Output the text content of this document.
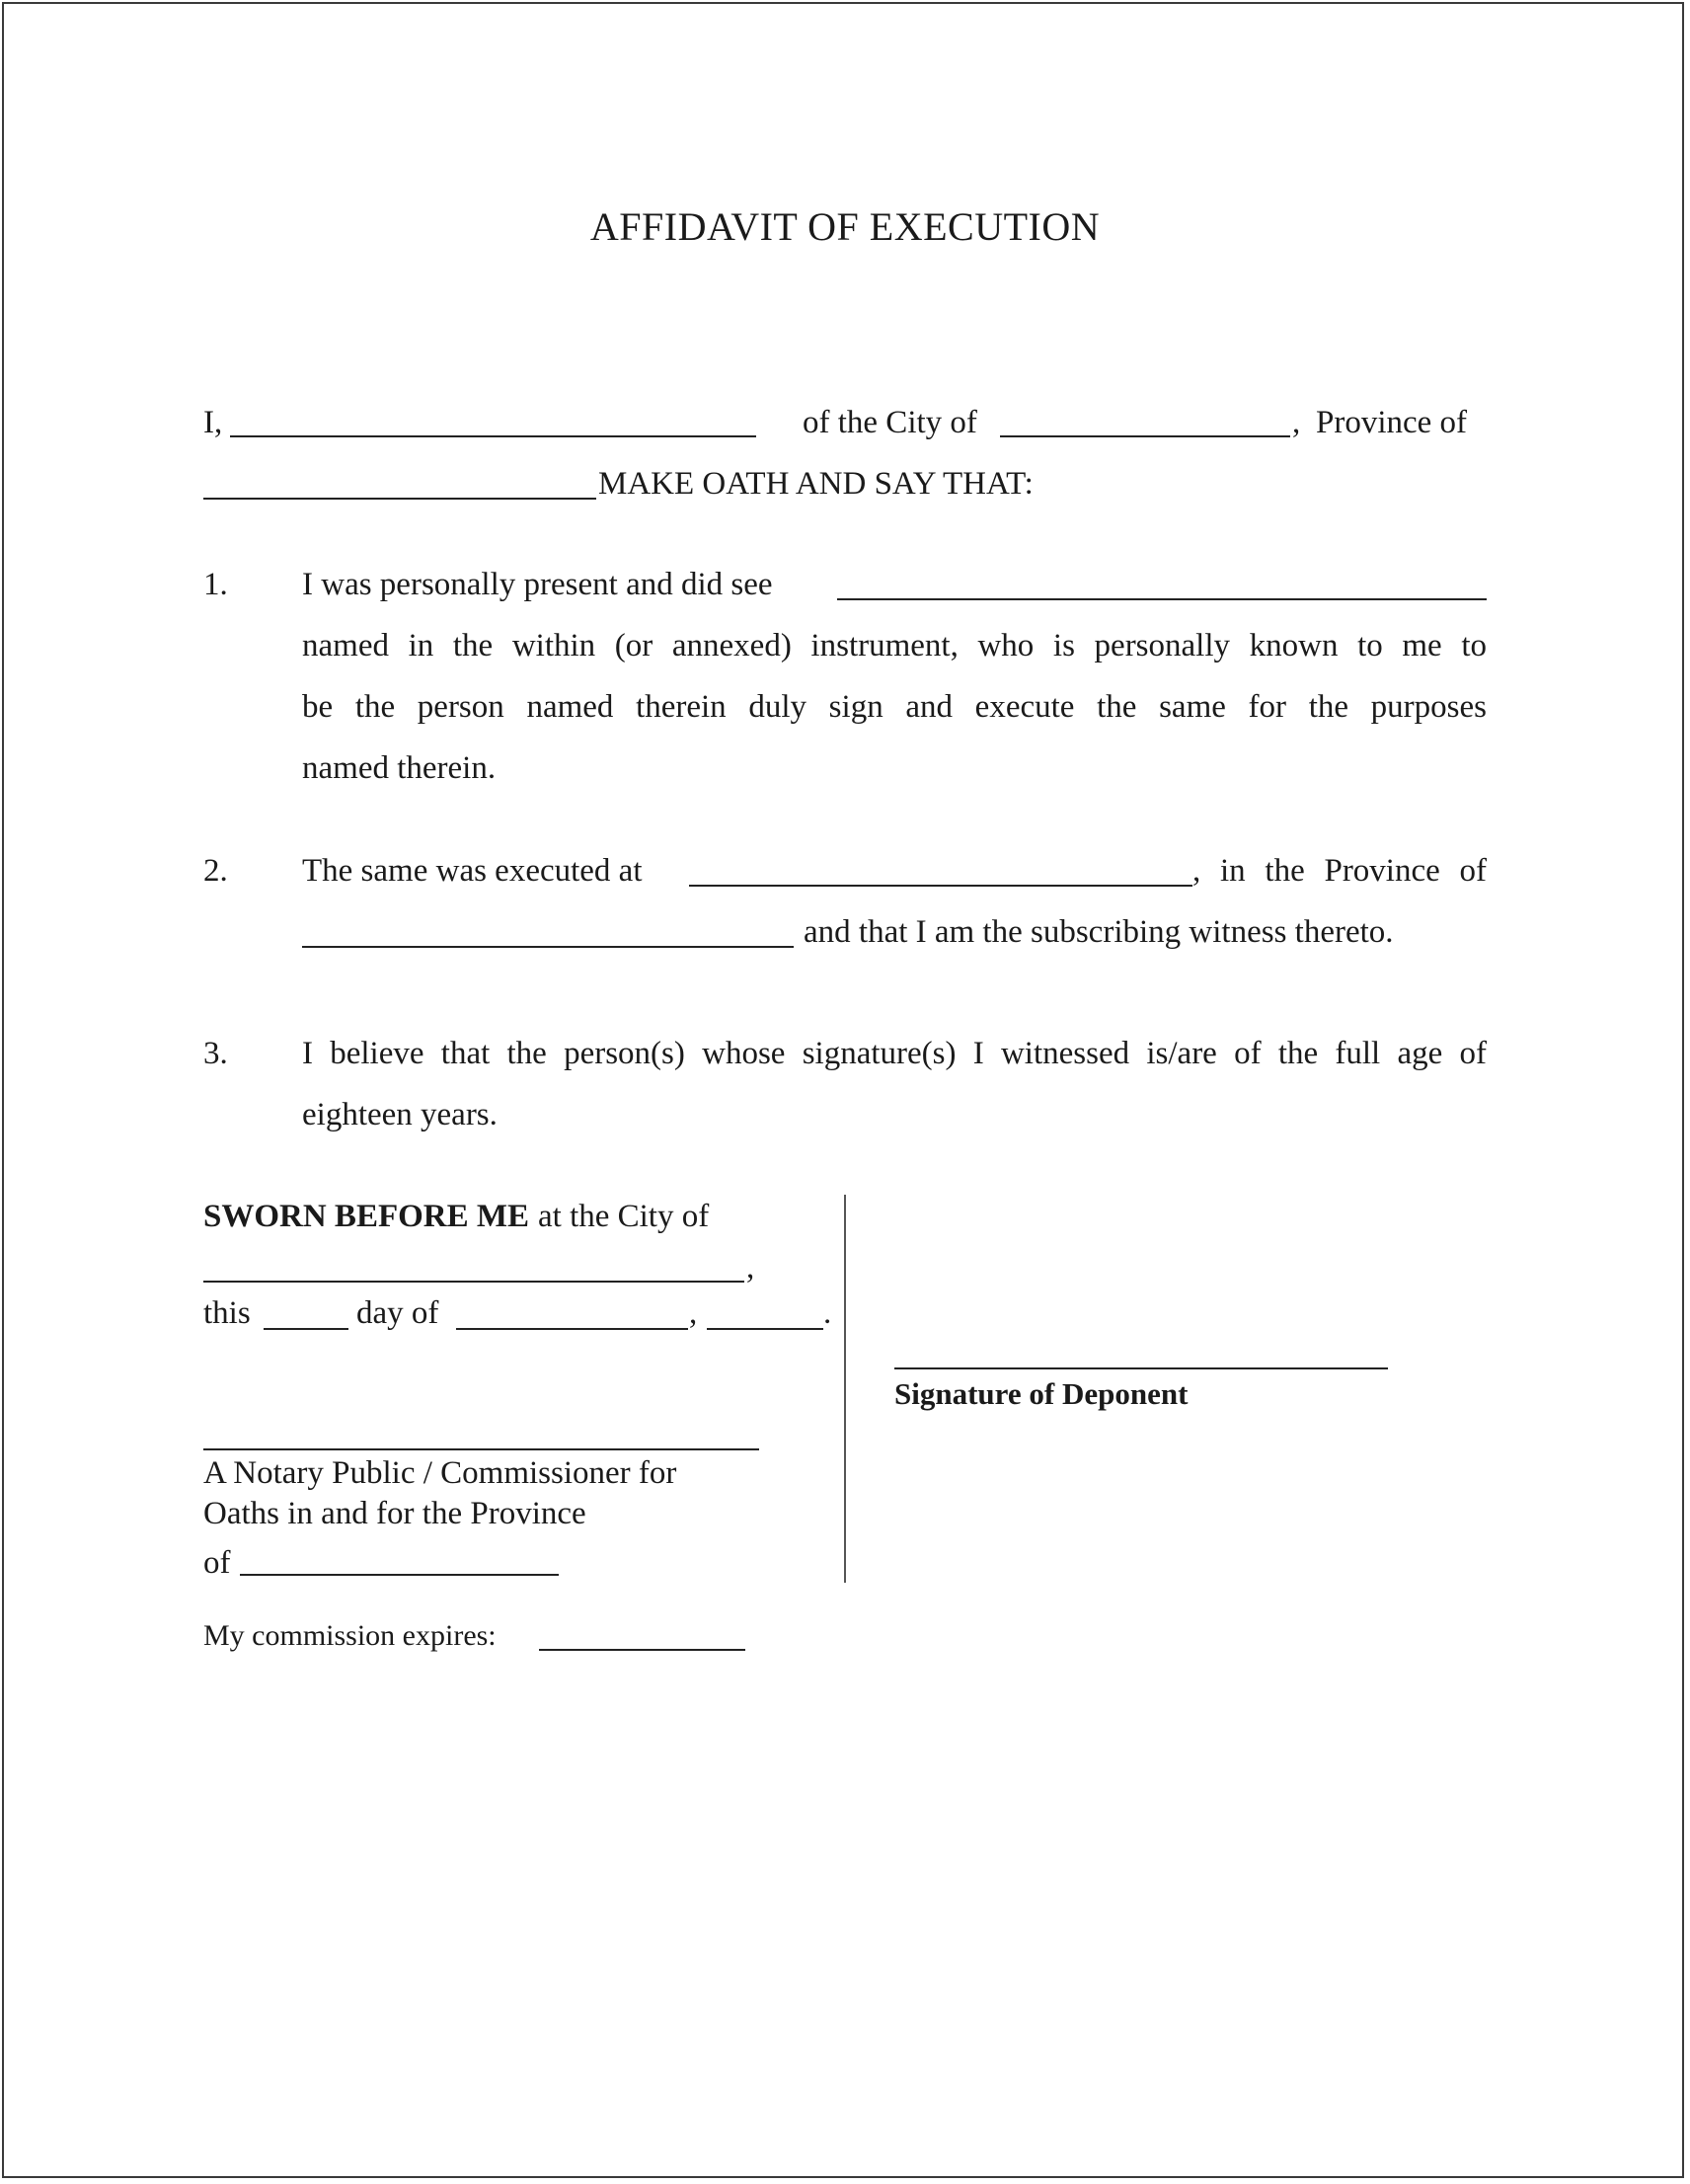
AFFIDAVIT OF EXECUTION
I,	of the City of	, Province of
MAKE OATH AND SAY THAT:
1. I was personally present and did see
named in the within (or annexed) instrument, who is personally known to me to
be the person named therein duly sign and execute the same for the purposes
named therein.
2. The same was executed at	, in the Province of
and that I am the subscribing witness thereto.
3. I believe that the person(s) whose signature(s) I witnessed is/are of the full age of
eighteen years.
SWORN BEFORE ME at the City of
,
this	day of	,	.
A Notary Public / Commissioner for
Oaths in and for the Province
of
My commission expires:
Signature of Deponent
